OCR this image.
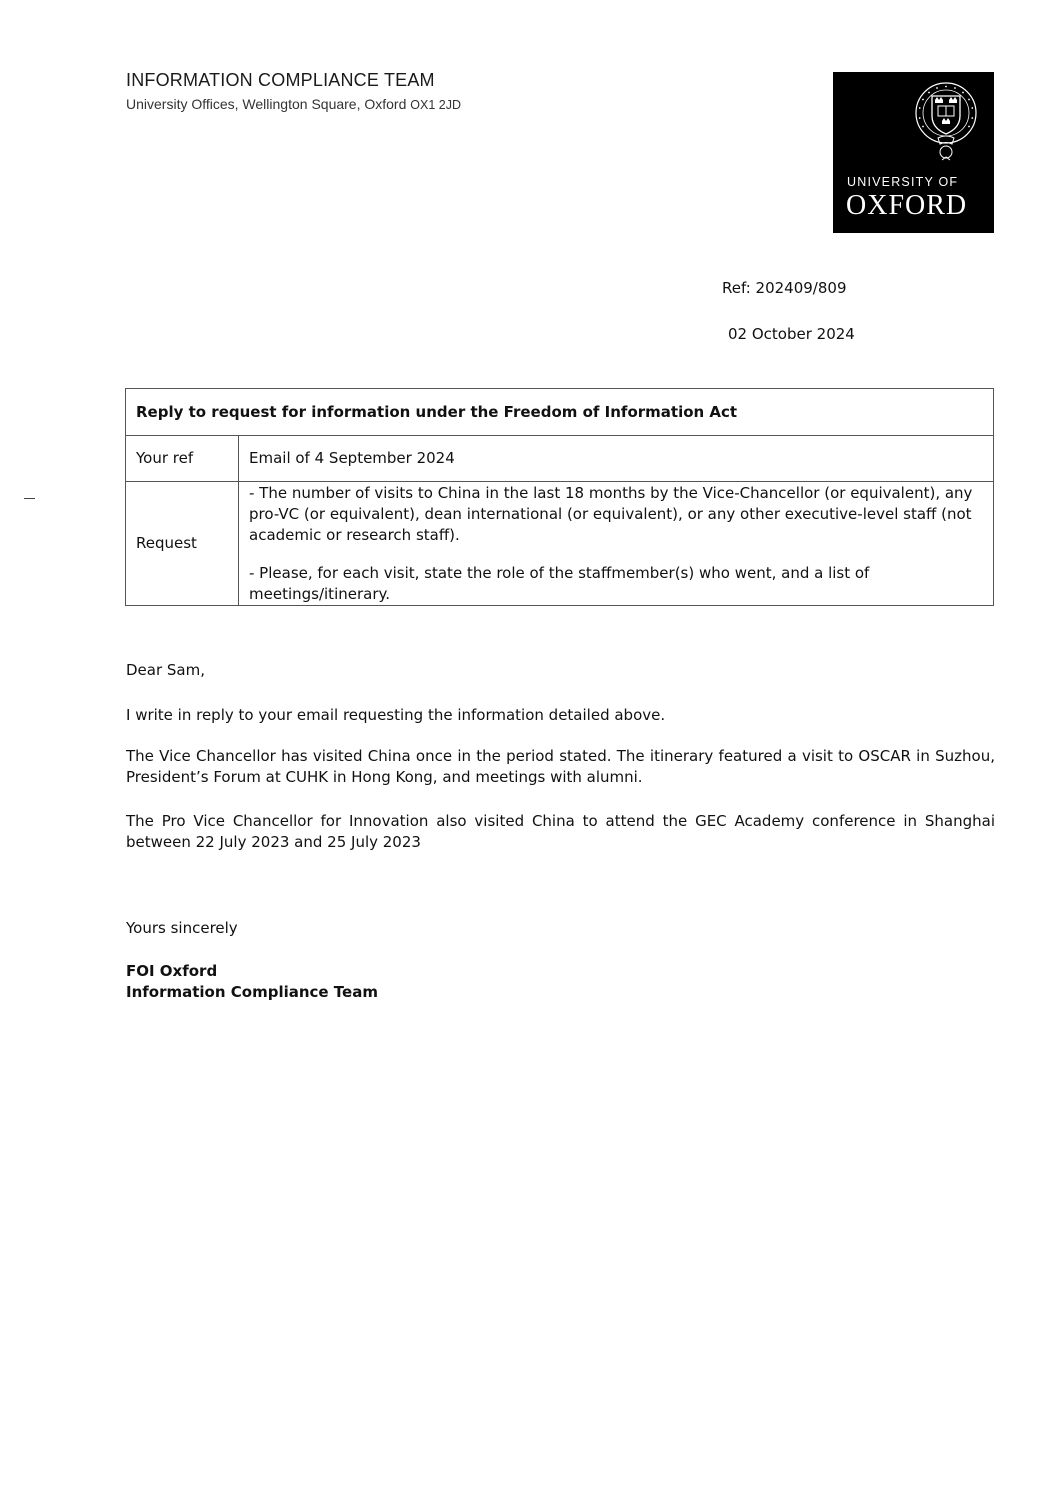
INFORMATION COMPLIANCE TEAM
University Offices, Wellington Square, Oxford OX1 2JD
UNIVERSITY OF
OXFORD
Ref: 202409/809
02 October 2024
Reply to request for information under the Freedom of Information Act	
Your ref	Email of 4 September 2024
Request	- The number of visits to China in the last 18 months by the Vice-Chancellor (or equivalent), any pro-VC (or equivalent), dean international (or equivalent), or any other executive-level staff (not academic or research staff).

- Please, for each visit, state the role of the staffmember(s) who went, and a list of meetings/itinerary.

Dear Sam,

I write in reply to your email requesting the information detailed above.

The Vice Chancellor has visited China once in the period stated. The itinerary featured a visit to OSCAR in Suzhou, President’s Forum at CUHK in Hong Kong, and meetings with alumni.

The Pro Vice Chancellor for Innovation also visited China to attend the GEC Academy conference in Shanghai between 22 July 2023 and 25 July 2023

Yours sincerely

FOI Oxford

Information Compliance Team
